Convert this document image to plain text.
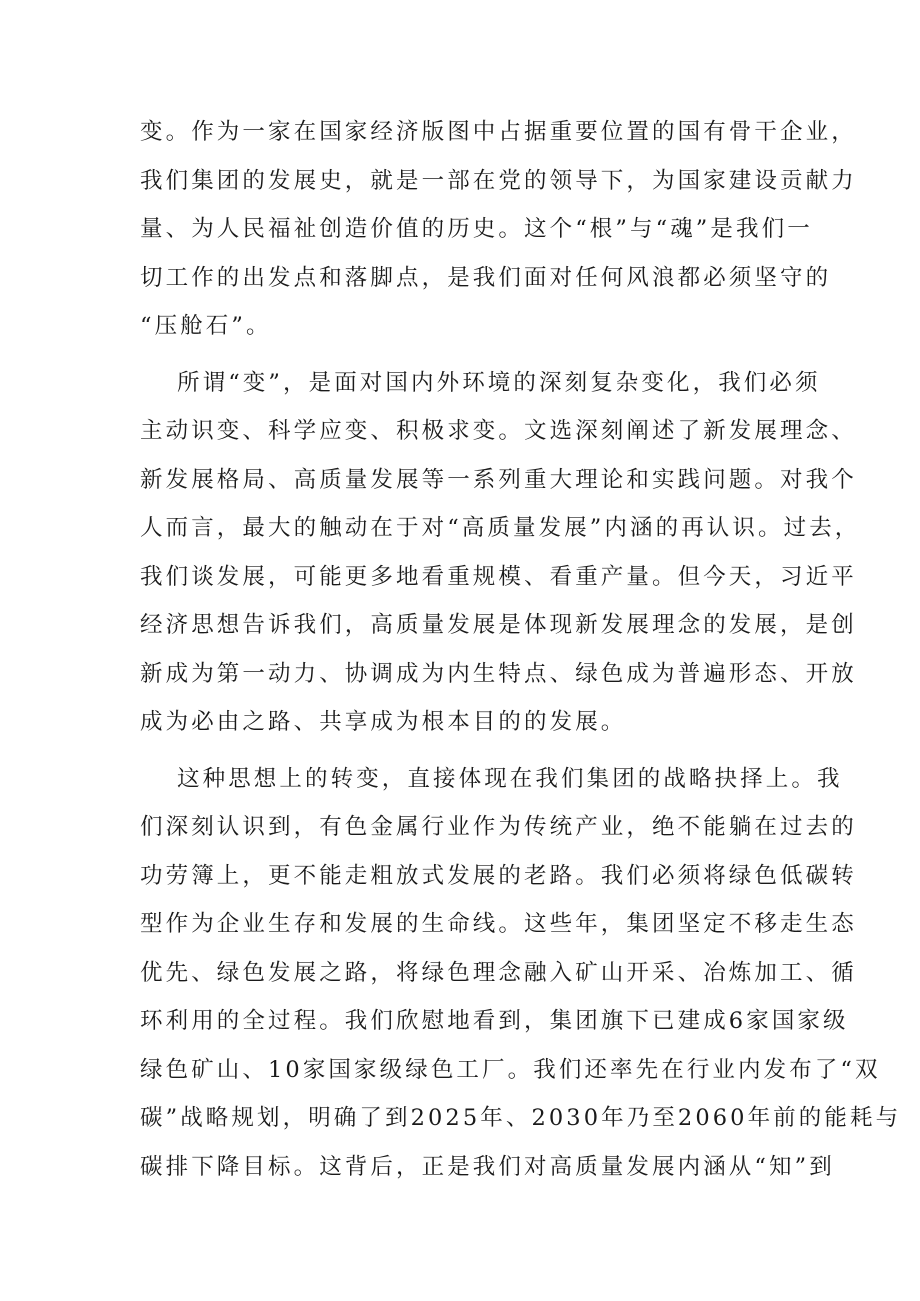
变。作为一家在国家经济版图中占据重要位置的国有骨干企业，
我们集团的发展史，就是一部在党的领导下，为国家建设贡献力
量、为人民福祉创造价值的历史。这个“根”与“魂”是我们一
切工作的出发点和落脚点，是我们面对任何风浪都必须坚守的
“压舱石”。
所谓“变”，是面对国内外环境的深刻复杂变化，我们必须
主动识变、科学应变、积极求变。文选深刻阐述了新发展理念、
新发展格局、高质量发展等一系列重大理论和实践问题。对我个
人而言，最大的触动在于对“高质量发展”内涵的再认识。过去，
我们谈发展，可能更多地看重规模、看重产量。但今天，习近平
经济思想告诉我们，高质量发展是体现新发展理念的发展，是创
新成为第一动力、协调成为内生特点、绿色成为普遍形态、开放
成为必由之路、共享成为根本目的的发展。
这种思想上的转变，直接体现在我们集团的战略抉择上。我
们深刻认识到，有色金属行业作为传统产业，绝不能躺在过去的
功劳簿上，更不能走粗放式发展的老路。我们必须将绿色低碳转
型作为企业生存和发展的生命线。这些年，集团坚定不移走生态
优先、绿色发展之路，将绿色理念融入矿山开采、冶炼加工、循
环利用的全过程。我们欣慰地看到，集团旗下已建成6家国家级
绿色矿山、10家国家级绿色工厂。我们还率先在行业内发布了“双
碳”战略规划，明确了到2025年、2030年乃至2060年前的能耗与
碳排下降目标。这背后，正是我们对高质量发展内涵从“知”到
